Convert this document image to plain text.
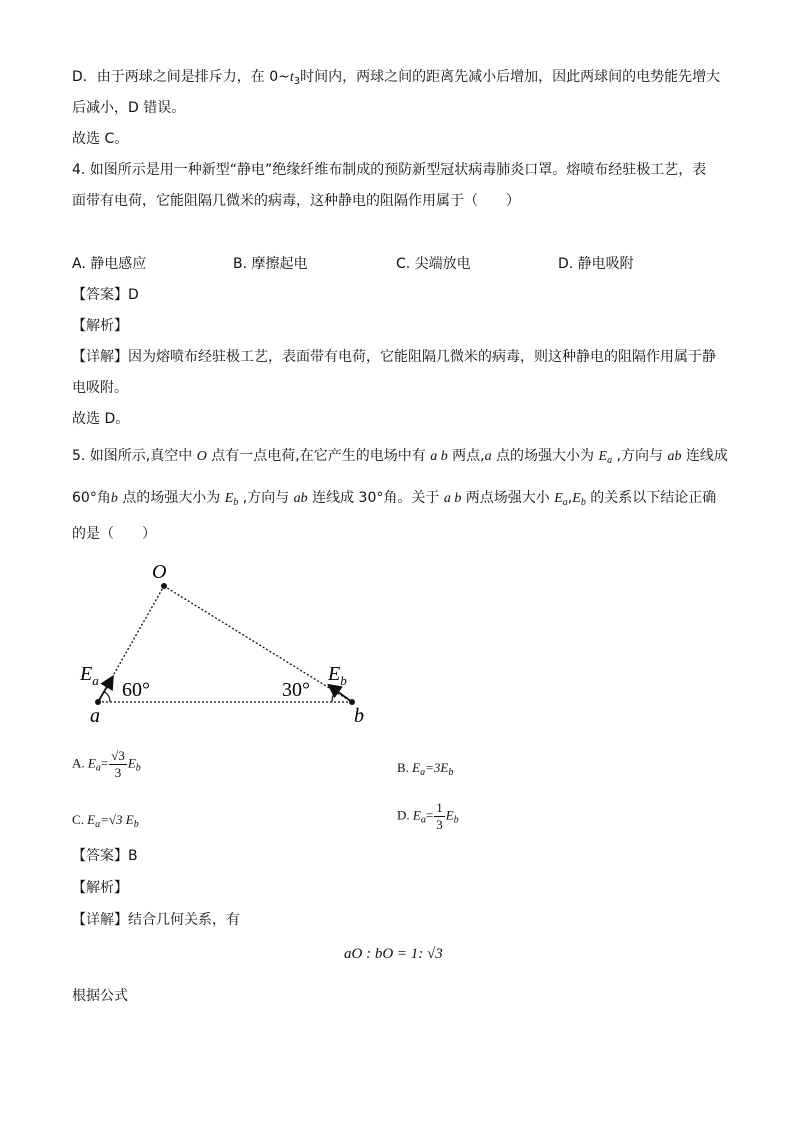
D．由于两球之间是排斥力，在 $0\sim t_3$时间内，两球之间的距离先减小后增加，因此两球间的电势能先增大
后减小，D 错误。
故选 C。
4. 如图所示是用一种新型“静电”绝缘纤维布制成的预防新型冠状病毒肺炎口罩。熔喷布经驻极工艺，表
面带有电荷，它能阻隔几微米的病毒，这种静电的阻隔作用属于（　　）
A. 静电感应	B. 摩擦起电	C. 尖端放电	D. 静电吸附
【答案】D
【解析】
【详解】因为熔喷布经驻极工艺，表面带有电荷，它能阻隔几微米的病毒，则这种静电的阻隔作用属于静
电吸附。
故选 D。
5. 如图所示,真空中 O 点有一点电荷,在它产生的电场中有 a b 两点,a 点的场强大小为 $E_a$ ,方向与 ab 连线成
60°角b 点的场强大小为 $E_b$ ,方向与 ab 连线成 30°角。关于 a b 两点场强大小 $E_a,E_b$ 的关系以下结论正确
的是（　　）
O
a	b
$E_a$	$E_b$
60°	30°
A. $E_a= \frac{√3}{3} E_b$	B. $E_a=3E_b$
C. $E_a=√3$ $E_b$
D. $E_a= \frac{1}{3} E_b$
【答案】B
【解析】
【详解】结合几何关系，有
aO : bO = 1: √3
根据公式
